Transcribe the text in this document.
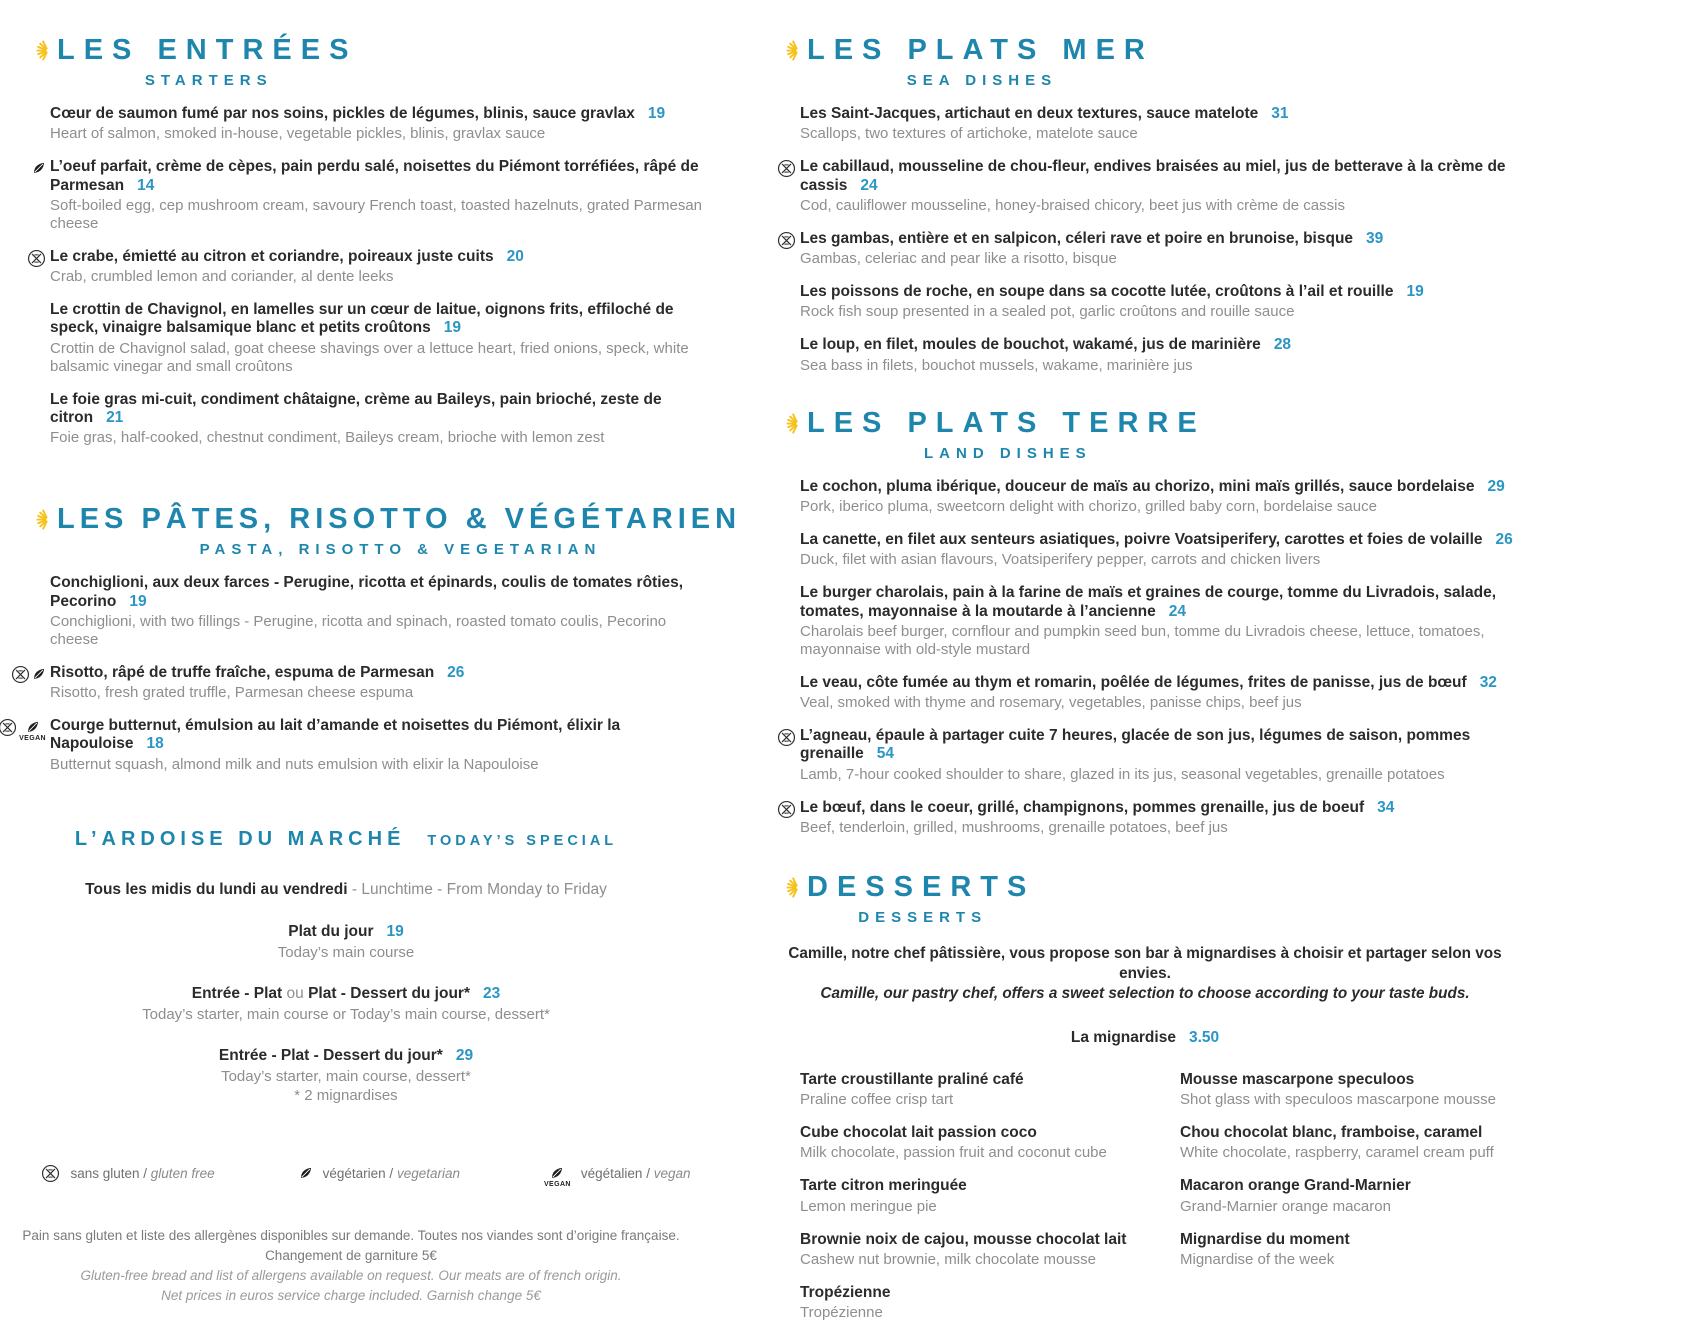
LES ENTRÉES
STARTERS

Cœur de saumon fumé par nos soins, pickles de légumes, blinis, sauce gravlax 19

Heart of salmon, smoked in-house, vegetable pickles, blinis, gravlax sauce

L’oeuf parfait, crème de cèpes, pain perdu salé, noisettes du Piémont torréfiées, râpé de Parmesan 14

Soft-boiled egg, cep mushroom cream, savoury French toast, toasted hazelnuts, grated Parmesan cheese

Le crabe, émietté au citron et coriandre, poireaux juste cuits 20

Crab, crumbled lemon and coriander, al dente leeks

Le crottin de Chavignol, en lamelles sur un cœur de laitue, oignons frits, effiloché de speck, vinaigre balsamique blanc et petits croûtons 19

Crottin de Chavignol salad, goat cheese shavings over a lettuce heart, fried onions, speck, white balsamic vinegar and small croûtons

Le foie gras mi-cuit, condiment châtaigne, crème au Baileys, pain brioché, zeste de citron 21

Foie gras, half-cooked, chestnut condiment, Baileys cream, brioche with lemon zest

LES PÂTES, RISOTTO & VÉGÉTARIEN
PASTA, RISOTTO & VEGETARIAN

Conchiglioni, aux deux farces - Perugine, ricotta et épinards, coulis de tomates rôties, Pecorino 19

Conchiglioni, with two fillings - Perugine, ricotta and spinach, roasted tomato coulis, Pecorino cheese

Risotto, râpé de truffe fraîche, espuma de Parmesan 26

Risotto, fresh grated truffle, Parmesan cheese espuma

VEGAN

Courge butternut, émulsion au lait d’amande et noisettes du Piémont, élixir la Napouloise 18

Butternut squash, almond milk and nuts emulsion with elixir la Napouloise

L’ARDOISE DU MARCHÉ TODAY’S SPECIAL
Tous les midis du lundi au vendredi - Lunchtime - From Monday to Friday
Plat du jour 19
Today’s main course
Entrée - Plat ou Plat - Dessert du jour* 23
Today’s starter, main course or Today’s main course, dessert*
Entrée - Plat - Dessert du jour* 29
Today’s starter, main course, dessert*
* 2 mignardises
sans gluten / gluten free	végétarien / vegetarian
VEGAN
végétalien / vegan
Pain sans gluten et liste des allergènes disponibles sur demande. Toutes nos viandes sont d’origine française.
Changement de garniture 5€
Gluten-free bread and list of allergens available on request. Our meats are of french origin.
Net prices in euros service charge included. Garnish change 5€
LES PLATS MER
SEA DISHES

Les Saint-Jacques, artichaut en deux textures, sauce matelote 31

Scallops, two textures of artichoke, matelote sauce

Le cabillaud, mousseline de chou-fleur, endives braisées au miel, jus de betterave à la crème de cassis 24

Cod, cauliflower mousseline, honey-braised chicory, beet jus with crème de cassis

Les gambas, entière et en salpicon, céleri rave et poire en brunoise, bisque 39

Gambas, celeriac and pear like a risotto, bisque

Les poissons de roche, en soupe dans sa cocotte lutée, croûtons à l’ail et rouille 19

Rock fish soup presented in a sealed pot, garlic croûtons and rouille sauce

Le loup, en filet, moules de bouchot, wakamé, jus de marinière 28

Sea bass in filets, bouchot mussels, wakame, marinière jus

LES PLATS TERRE
LAND DISHES

Le cochon, pluma ibérique, douceur de maïs au chorizo, mini maïs grillés, sauce bordelaise 29

Pork, iberico pluma, sweetcorn delight with chorizo, grilled baby corn, bordelaise sauce

La canette, en filet aux senteurs asiatiques, poivre Voatsiperifery, carottes et foies de volaille 26

Duck, filet with asian flavours, Voatsiperifery pepper, carrots and chicken livers

Le burger charolais, pain à la farine de maïs et graines de courge, tomme du Livradois, salade, tomates, mayonnaise à la moutarde à l’ancienne 24

Charolais beef burger, cornflour and pumpkin seed bun, tomme du Livradois cheese, lettuce, tomatoes, mayonnaise with old-style mustard

Le veau, côte fumée au thym et romarin, poêlée de légumes, frites de panisse, jus de bœuf 32

Veal, smoked with thyme and rosemary, vegetables, panisse chips, beef jus

L’agneau, épaule à partager cuite 7 heures, glacée de son jus, légumes de saison, pommes grenaille 54

Lamb, 7-hour cooked shoulder to share, glazed in its jus, seasonal vegetables, grenaille potatoes

Le bœuf, dans le coeur, grillé, champignons, pommes grenaille, jus de boeuf 34

Beef, tenderloin, grilled, mushrooms, grenaille potatoes, beef jus

DESSERTS
DESSERTS

Camille, notre chef pâtissière, vous propose son bar à mignardises à choisir et partager selon vos envies.

Camille, our pastry chef, offers a sweet selection to choose according to your taste buds.

La mignardise 3.50

Tarte croustillante praliné café

Praline coffee crisp tart

Cube chocolat lait passion coco

Milk chocolate, passion fruit and coconut cube

Tarte citron meringuée

Lemon meringue pie

Brownie noix de cajou, mousse chocolat lait

Cashew nut brownie, milk chocolate mousse

Tropézienne

Tropézienne

Mousse mascarpone speculoos

Shot glass with speculoos mascarpone mousse

Chou chocolat blanc, framboise, caramel

White chocolate, raspberry, caramel cream puff

Macaron orange Grand-Marnier

Grand-Marnier orange macaron

Mignardise du moment

Mignardise of the week
